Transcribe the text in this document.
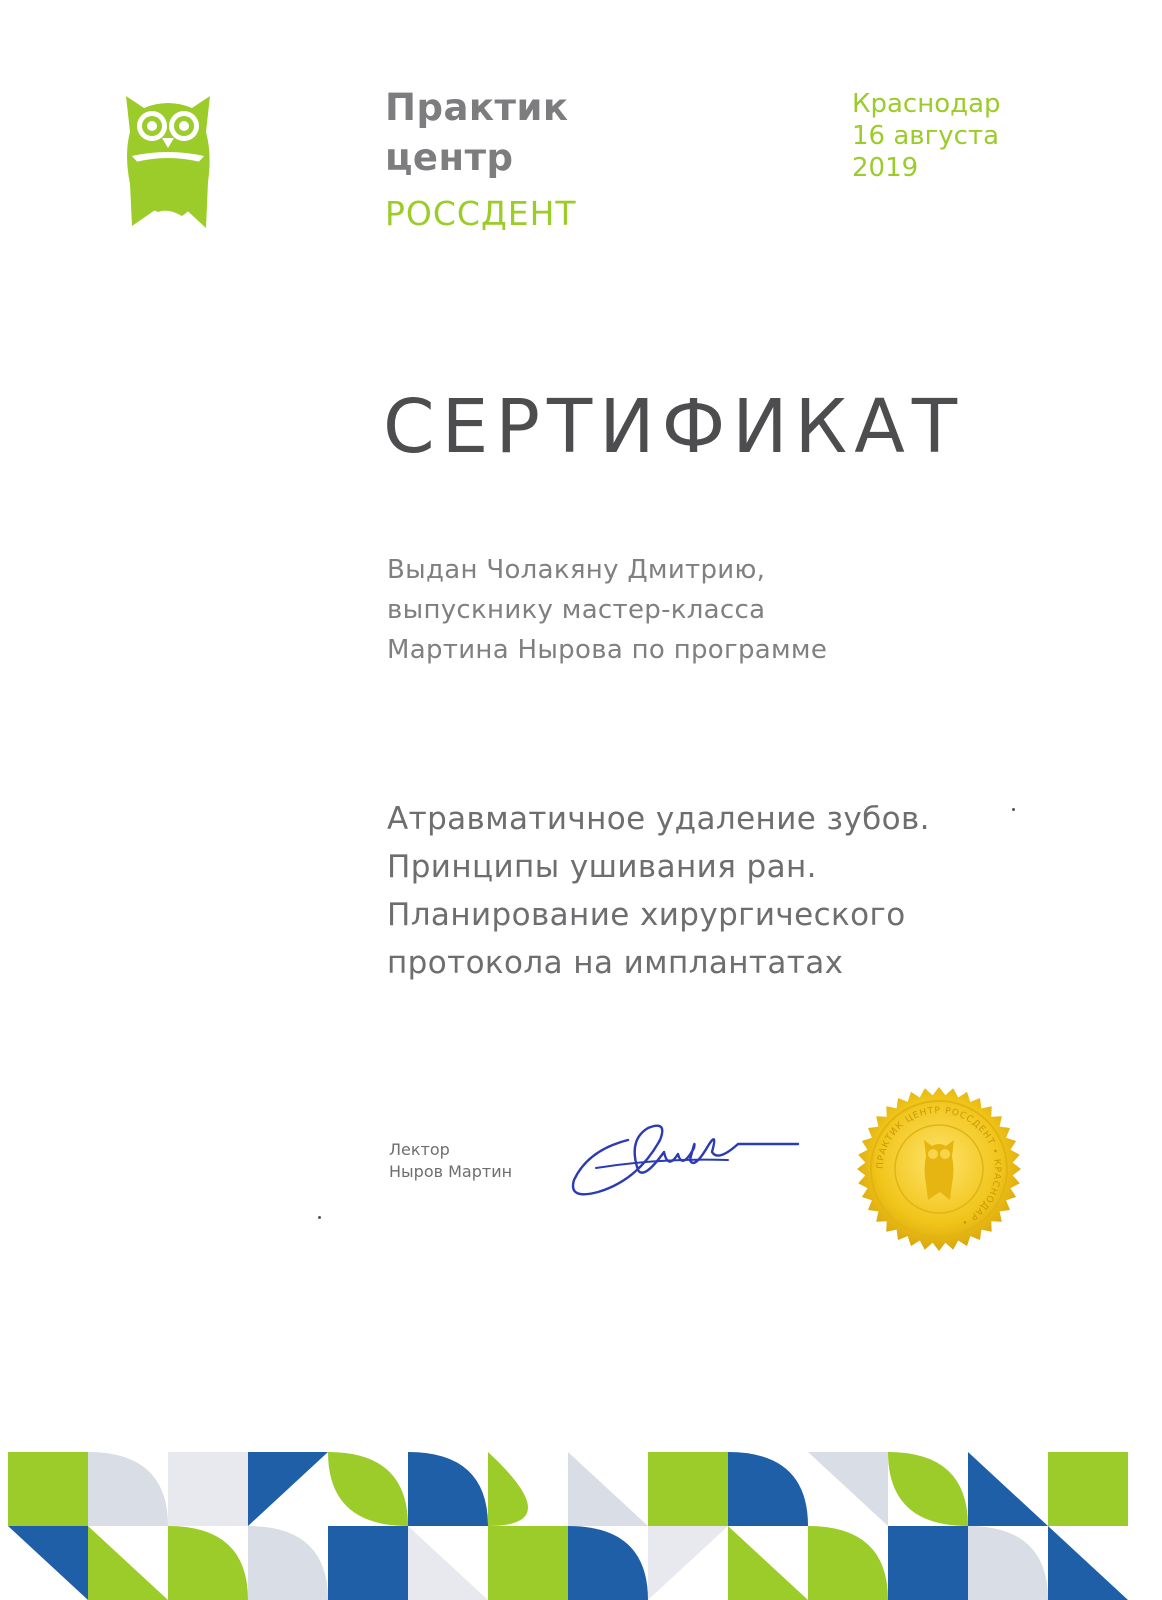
Практик
центр
РОССДЕНТ
Краснодар
16 августа
2019
СЕРТИФИКАТ
Выдан Чолакяну Дмитрию,
выпускнику мастер-класса
Мартина Нырова по программе
Атравматичное удаление зубов.
Принципы ушивания ран.
Планирование хирургического
протокола на имплантатах
Лектор
Ныров Мартин	ПРАКТИК ЦЕНТР РОССДЕНТ • КРАСНОДАР •
